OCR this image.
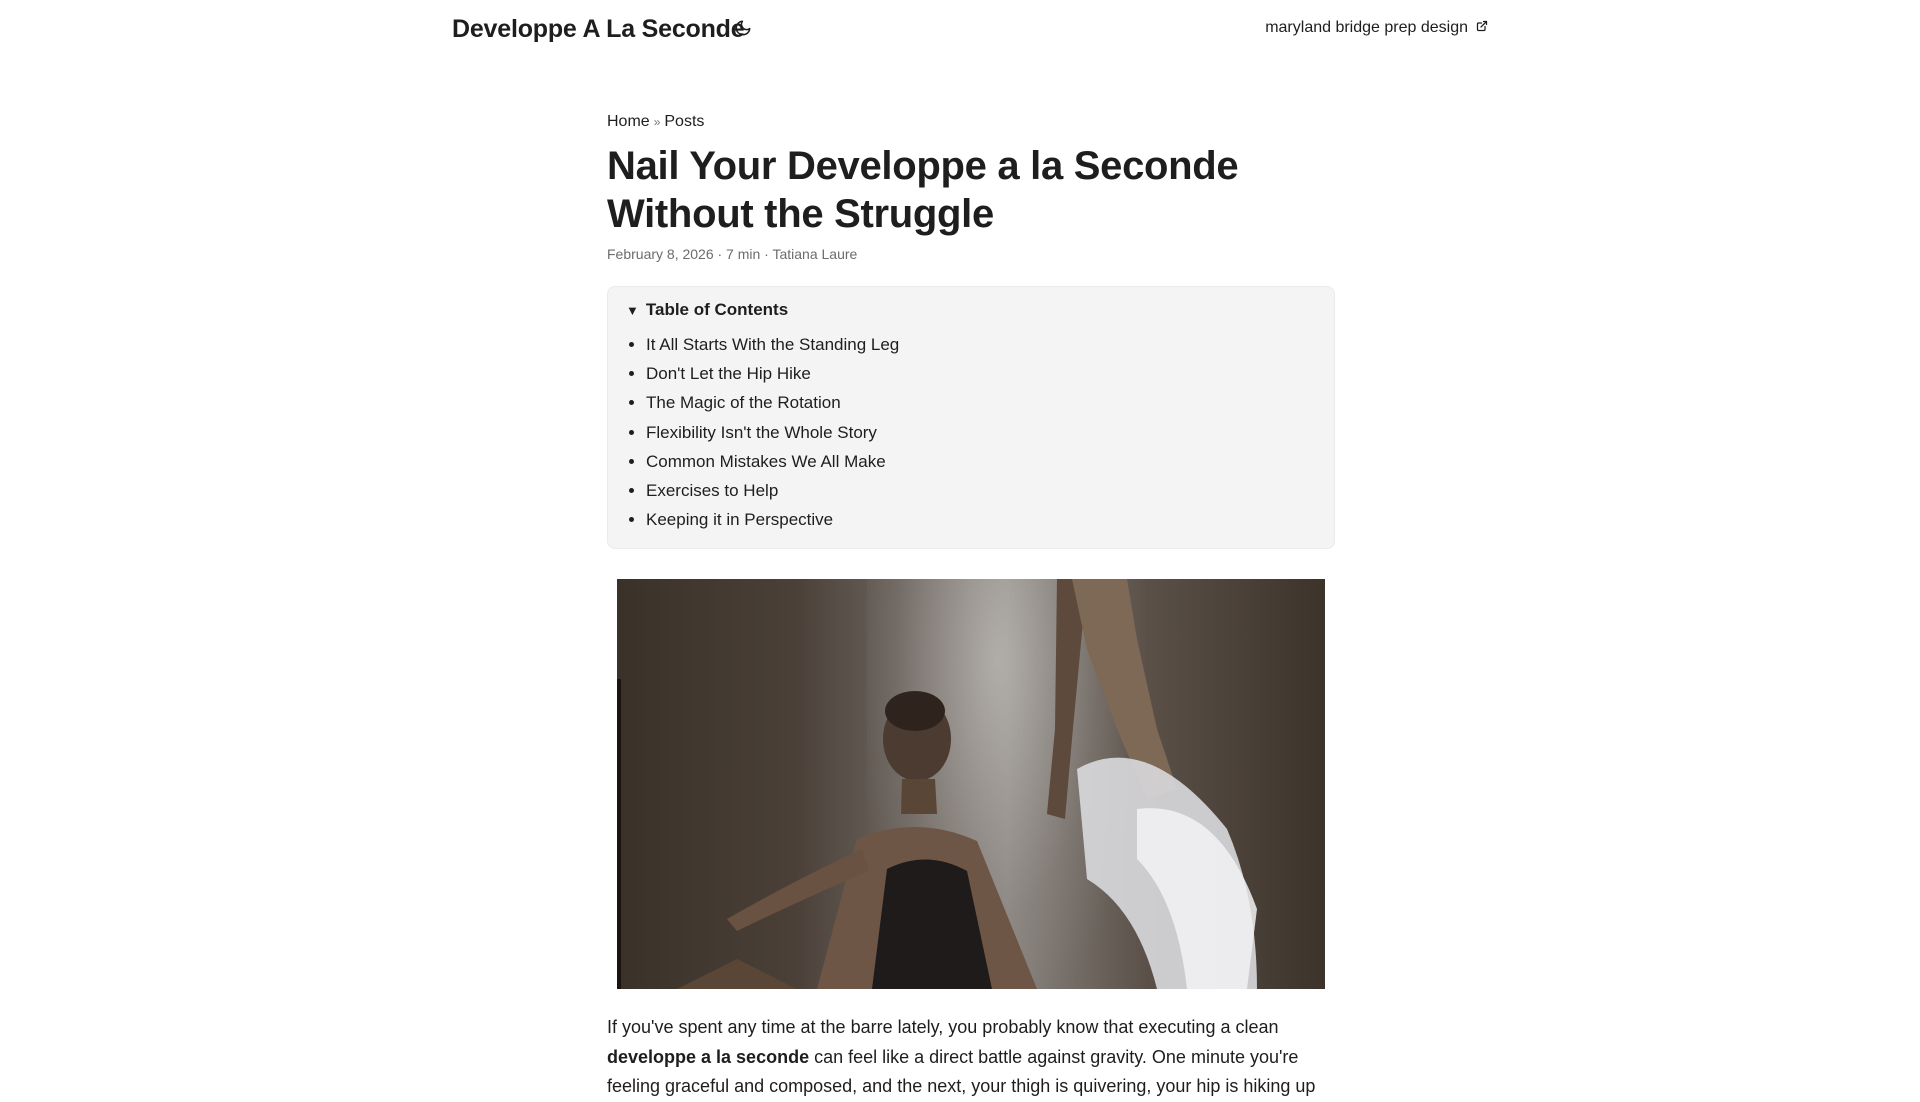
Developpe A La Seconde	maryland bridge prep design
Home » Posts
Nail Your Developpe a la Seconde Without the Struggle
February 8, 2026 · 7 min · Tatiana Laure
▼ Table of Contents
• It All Starts With the Standing Leg
• Don't Let the Hip Hike
• The Magic of the Rotation
• Flexibility Isn't the Whole Story
• Common Mistakes We All Make
• Exercises to Help
• Keeping it in Perspective

If you've spent any time at the barre lately, you probably know that executing a clean developpe a la seconde can feel like a direct battle against gravity. One minute you're feeling graceful and composed, and the next, your thigh is quivering, your hip is hiking up
